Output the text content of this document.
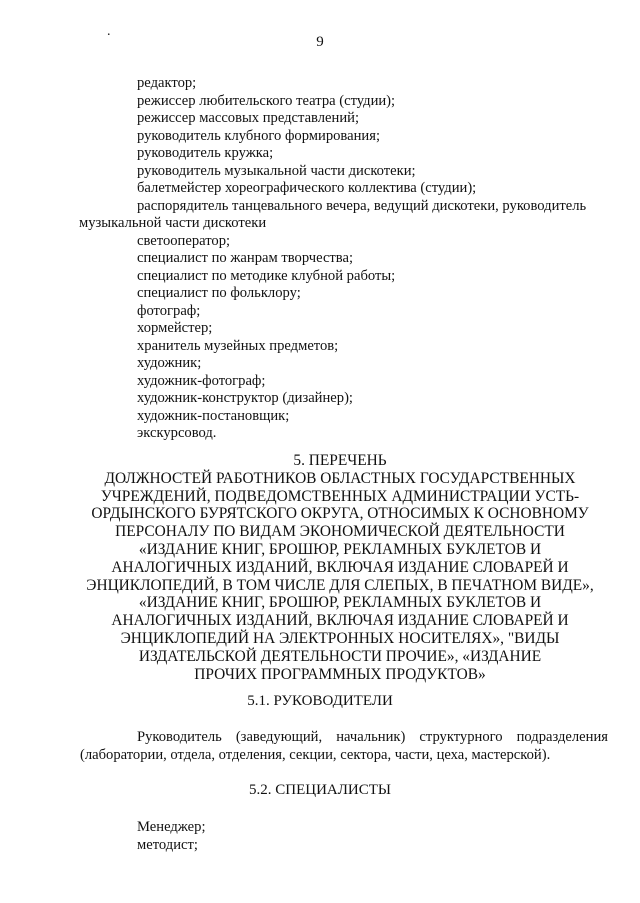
.
9
редактор;
режиссер любительского театра (студии);
режиссер массовых представлений;
руководитель клубного формирования;
руководитель кружка;
руководитель музыкальной части дискотеки;
балетмейстер хореографического коллектива (студии);
распорядитель танцевального вечера, ведущий дискотеки, руководитель музыкальной части дискотеки
светооператор;
специалист по жанрам творчества;
специалист по методике клубной работы;
специалист по фольклору;
фотограф;
хормейстер;
хранитель музейных предметов;
художник;
художник-фотограф;
художник-конструктор (дизайнер);
художник-постановщик;
экскурсовод.
5. ПЕРЕЧЕНЬ
ДОЛЖНОСТЕЙ РАБОТНИКОВ ОБЛАСТНЫХ ГОСУДАРСТВЕННЫХ
УЧРЕЖДЕНИЙ, ПОДВЕДОМСТВЕННЫХ АДМИНИСТРАЦИИ УСТЬ-
ОРДЫНСКОГО БУРЯТСКОГО ОКРУГА, ОТНОСИМЫХ К ОСНОВНОМУ
ПЕРСОНАЛУ ПО ВИДАМ ЭКОНОМИЧЕСКОЙ ДЕЯТЕЛЬНОСТИ
«ИЗДАНИЕ КНИГ, БРОШЮР, РЕКЛАМНЫХ БУКЛЕТОВ И
АНАЛОГИЧНЫХ ИЗДАНИЙ, ВКЛЮЧАЯ ИЗДАНИЕ СЛОВАРЕЙ И
ЭНЦИКЛОПЕДИЙ, В ТОМ ЧИСЛЕ ДЛЯ СЛЕПЫХ, В ПЕЧАТНОМ ВИДЕ»,
«ИЗДАНИЕ КНИГ, БРОШЮР, РЕКЛАМНЫХ БУКЛЕТОВ И
АНАЛОГИЧНЫХ ИЗДАНИЙ, ВКЛЮЧАЯ ИЗДАНИЕ СЛОВАРЕЙ И
ЭНЦИКЛОПЕДИЙ НА ЭЛЕКТРОННЫХ НОСИТЕЛЯХ», "ВИДЫ
ИЗДАТЕЛЬСКОЙ ДЕЯТЕЛЬНОСТИ ПРОЧИЕ», «ИЗДАНИЕ
ПРОЧИХ ПРОГРАММНЫХ ПРОДУКТОВ»
5.1. РУКОВОДИТЕЛИ

Руководитель (заведующий, начальник) структурного подразделения (лаборатории, отдела, отделения, секции, сектора, части, цеха, мастерской).

5.2. СПЕЦИАЛИСТЫ
Менеджер;
методист;
